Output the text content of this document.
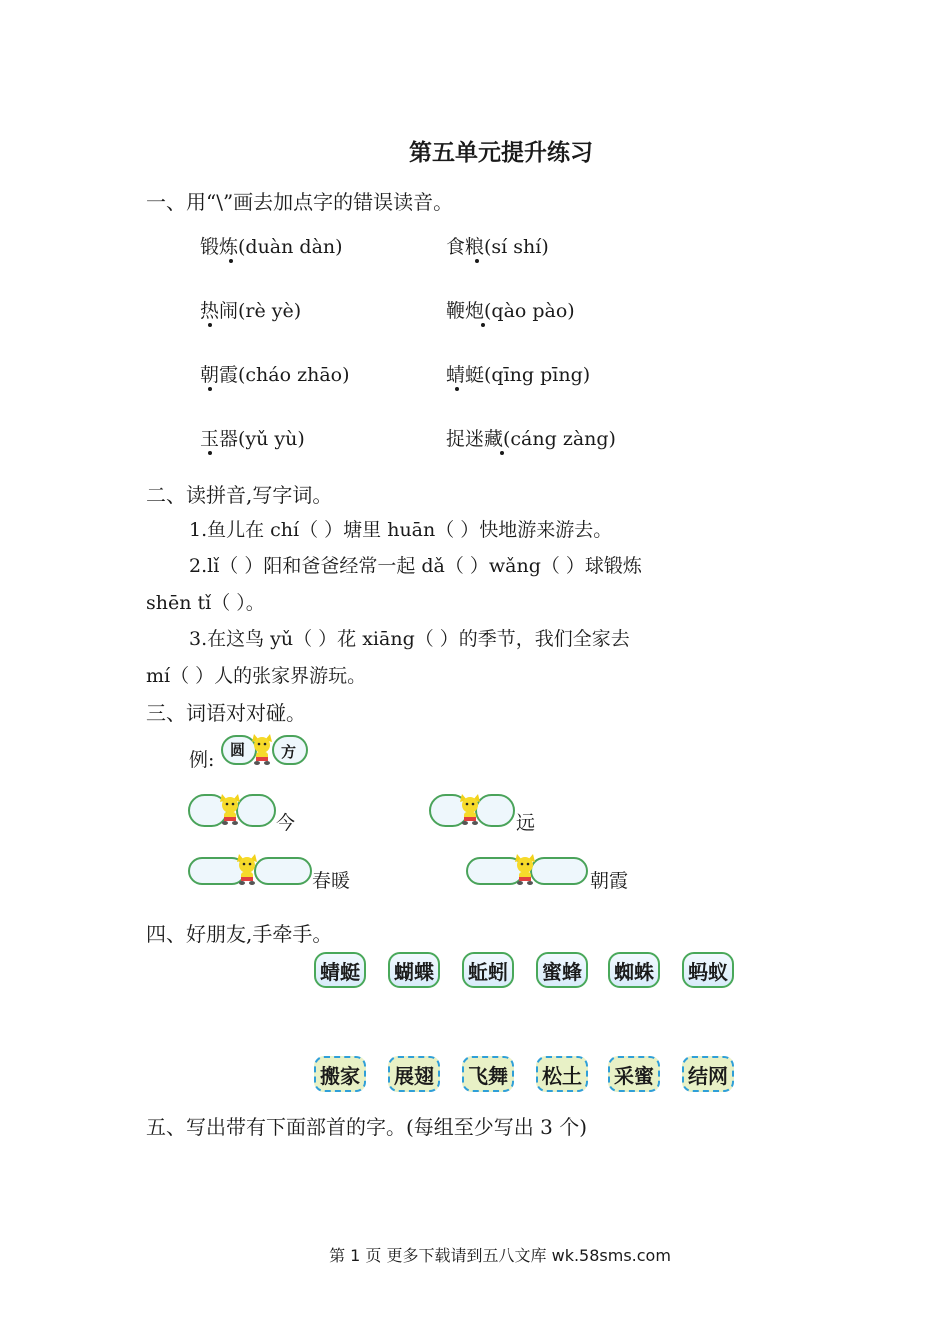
第五单元提升练习
一、用“\”画去加点字的错误读音。
锻炼(duàn dàn)	食粮(sí shí)
热闹(rè yè)	鞭炮(qào pào)
朝霞(cháo zhāo)	蜻蜓(qīng pīng)
玉器(yǔ yù)	捉迷藏(cáng zàng)
二、读拼音,写字词。
1.鱼儿在 chí（ ）塘里 huān（ ）快地游来游去。
2.lǐ（ ）阳和爸爸经常一起 dǎ（ ）wǎng（ ）球锻炼
shēn tǐ（ ）。
3.在这鸟 yǔ（ ）花 xiāng（ ）的季节，我们全家去
mí（ ）人的张家界游玩。
三、词语对对碰。
例: 圆 方
今	远
春暖	朝霞
四、好朋友,手牵手。
蜻蜓	蝴蝶	蚯蚓	蜜蜂	蜘蛛	蚂蚁
搬家	展翅	飞舞	松土	采蜜	结网
五、写出带有下面部首的字。(每组至少写出 3 个)
第 1 页 更多下载请到五八文库 wk.58sms.com
